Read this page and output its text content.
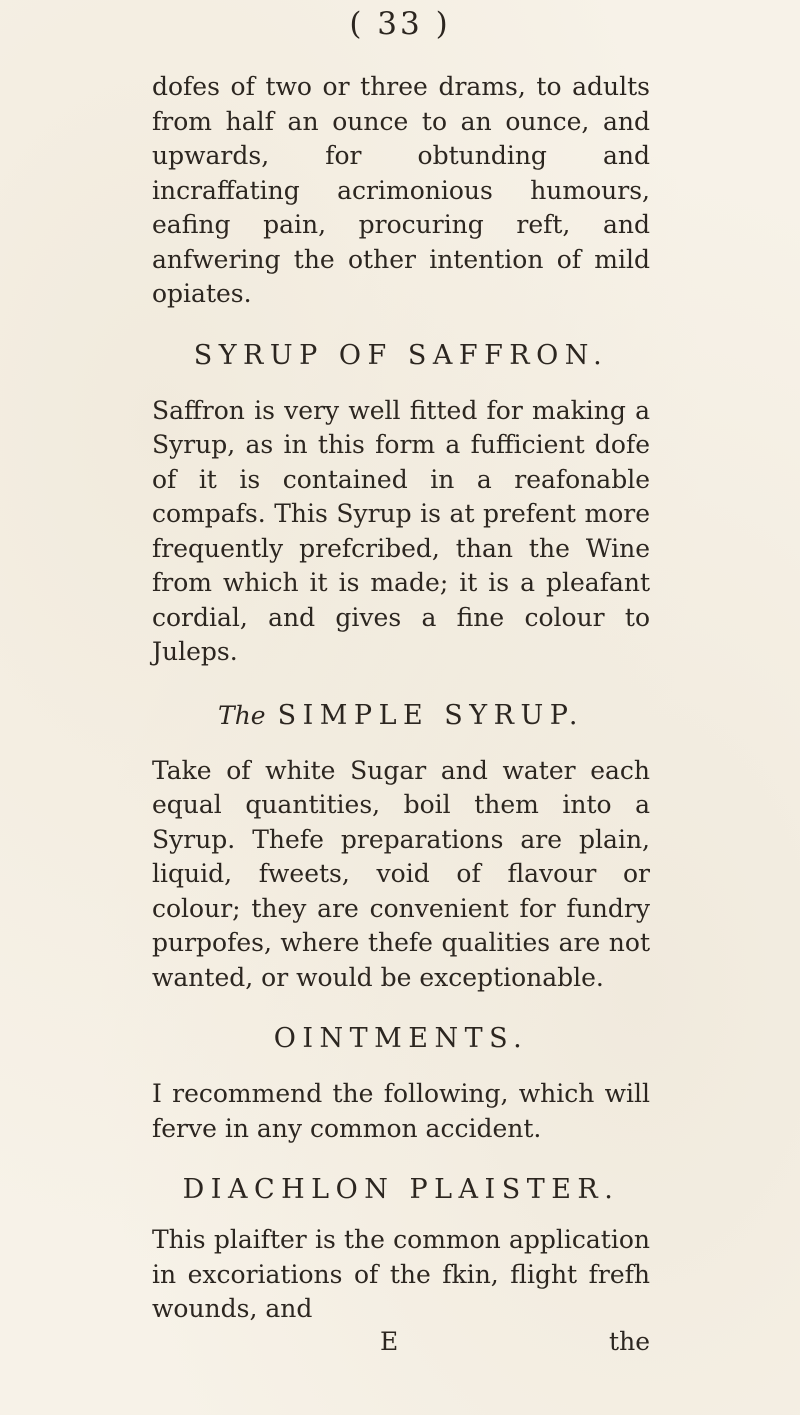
( 33 )

dofes of two or three drams, to adults from half an ounce to an ounce, and upwards, for obtunding and incraffating acrimonious humours, eafing pain, procuring reft, and anfwering the other intention of mild opiates.

SYRUP OF SAFFRON.

Saffron is very well fitted for making a Syrup, as in this form a fufficient dofe of it is contained in a reafonable compafs. This Syrup is at prefent more frequently prefcribed, than the Wine from which it is made; it is a pleafant cordial, and gives a fine colour to Juleps.

The SIMPLE SYRUP.

Take of white Sugar and water each equal quantities, boil them into a Syrup. Thefe preparations are plain, liquid, fweets, void of flavour or colour; they are convenient for fundry purpofes, where thefe qualities are not wanted, or would be exceptionable.

OINTMENTS.

I recommend the following, which will ferve in any common accident.

DIACHLON PLAISTER.

This plaifter is the common application in excoriations of the fkin, flight frefh wounds, and

E	the
